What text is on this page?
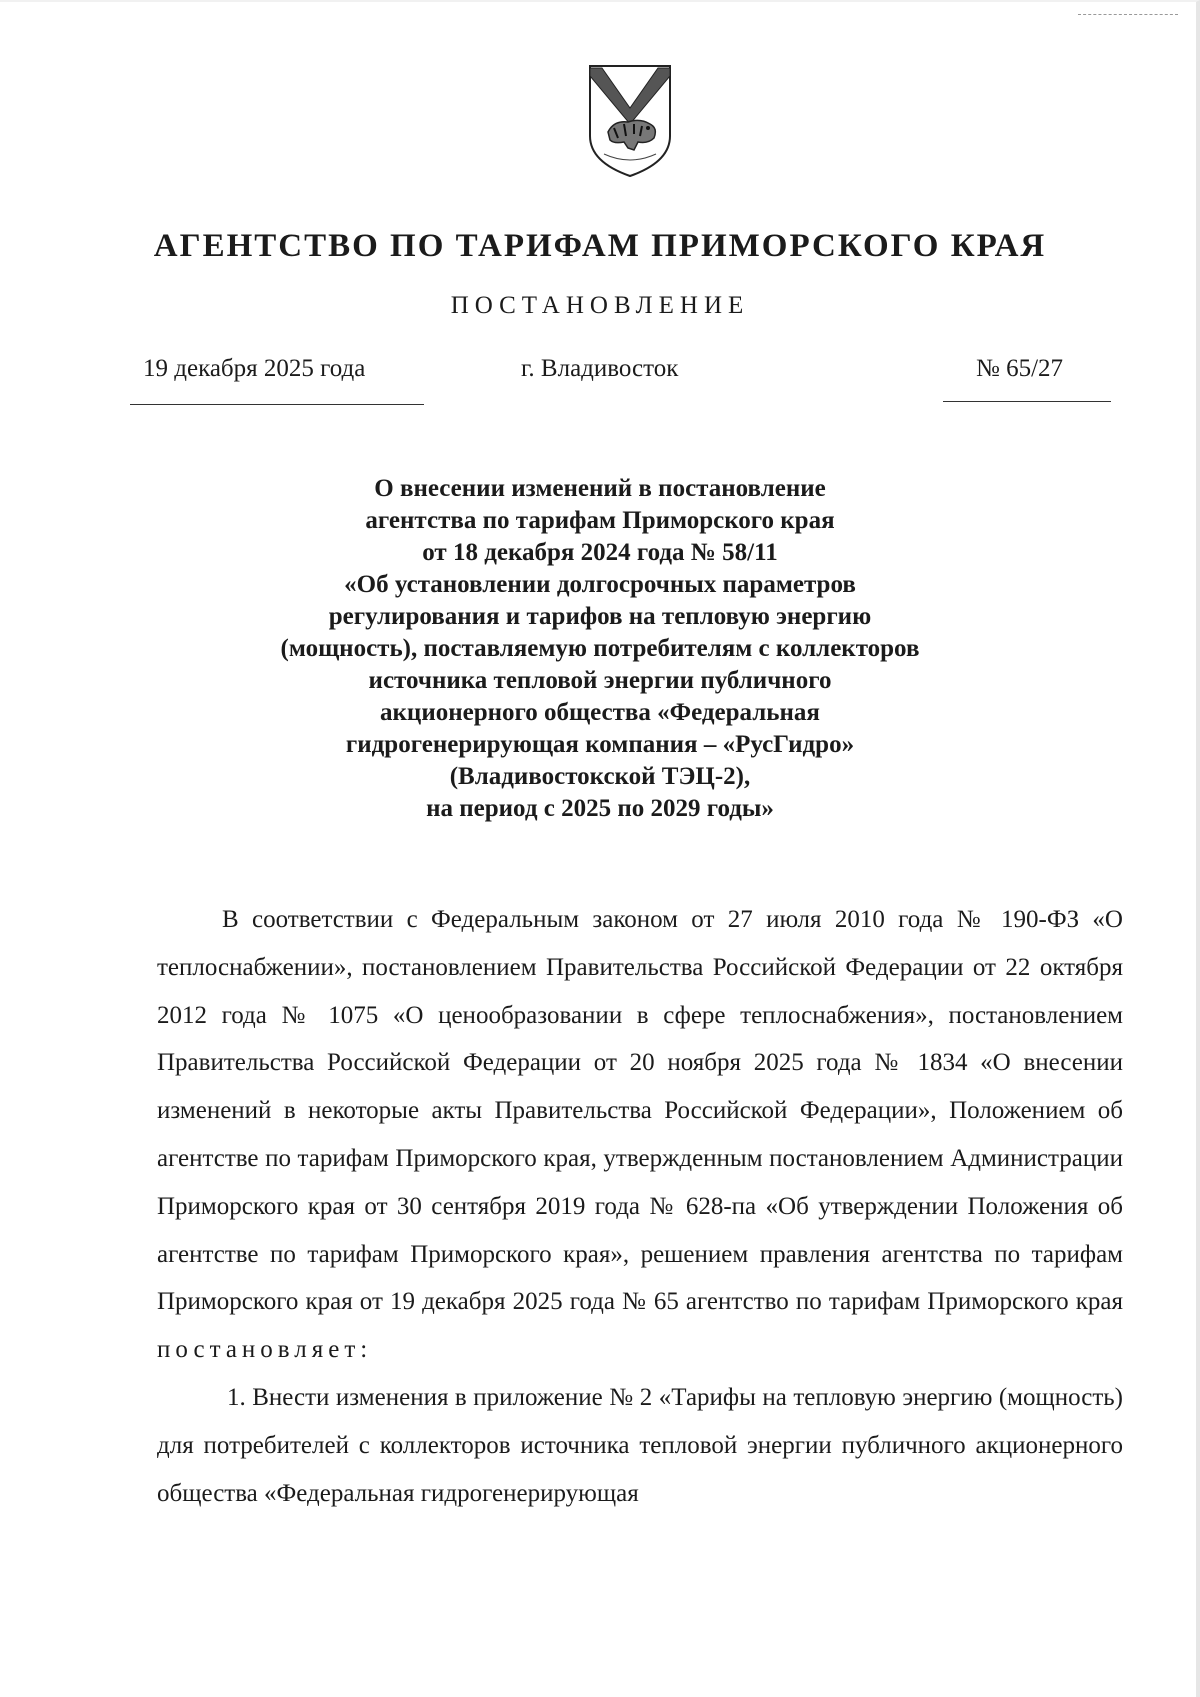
АГЕНТСТВО ПО ТАРИФАМ ПРИМОРСКОГО КРАЯ
ПОСТАНОВЛЕНИЕ
19 декабря 2025 года	г. Владивосток	№ 65/27
О внесении изменений в постановление
агентства по тарифам Приморского края
от 18 декабря 2024 года № 58/11
«Об установлении долгосрочных параметров
регулирования и тарифов на тепловую энергию
(мощность), поставляемую потребителям с коллекторов
источника тепловой энергии публичного
акционерного общества «Федеральная
гидрогенерирующая компания – «РусГидро»
(Владивостокской ТЭЦ-2),
на период с 2025 по 2029 годы»

В соответствии с Федеральным законом от 27 июля 2010 года № 190-ФЗ «О теплоснабжении», постановлением Правительства Российской Федерации от 22 октября 2012 года № 1075 «О ценообразовании в сфере теплоснабжения», постановлением Правительства Российской Федерации от 20 ноября 2025 года № 1834 «О внесении изменений в некоторые акты Правительства Российской Федерации», Положением об агентстве по тарифам Приморского края, утвержденным постановлением Администрации Приморского края от 30 сентября 2019 года № 628-па «Об утверждении Положения об агентстве по тарифам Приморского края», решением правления агентства по тарифам Приморского края от 19 декабря 2025 года № 65 агентство по тарифам Приморского края постановляет:

1. Внести изменения в приложение № 2 «Тарифы на тепловую энергию (мощность) для потребителей с коллекторов источника тепловой энергии публичного акционерного общества «Федеральная гидрогенерирующая
